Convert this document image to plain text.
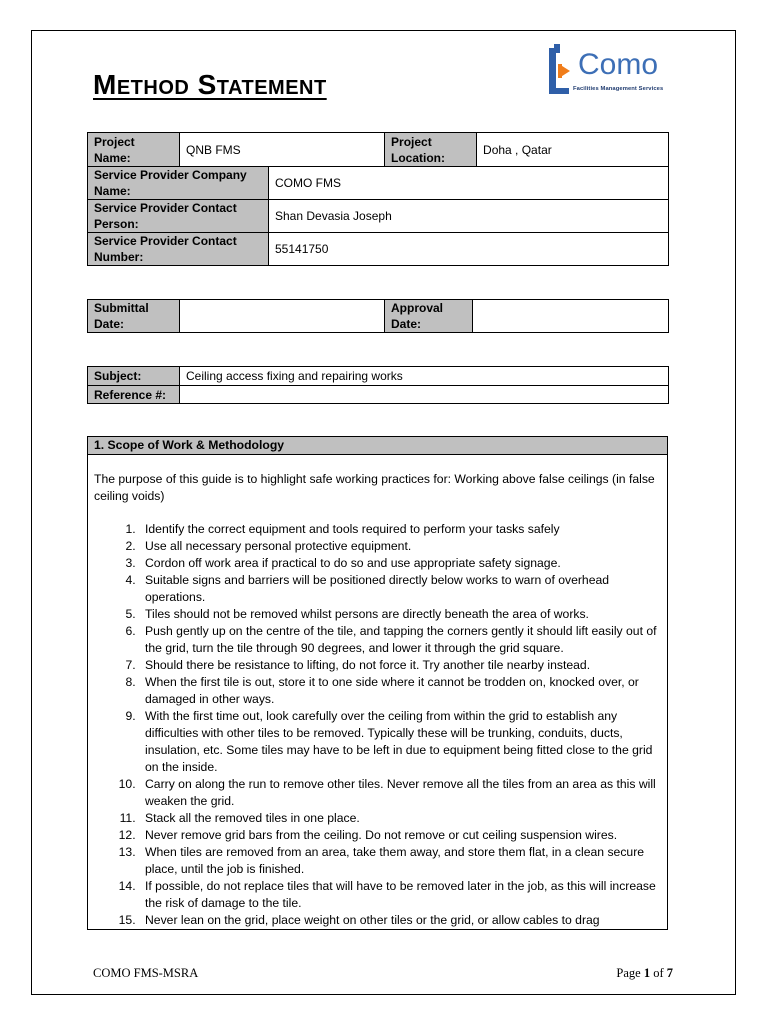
Method Statement
Como
Facilities Management Services
Project Name:	QNB FMS		Project Location:	Doha , Qatar
Service Provider Company Name:		COMO FMS		
Service Provider Contact Person:		Shan Devasia Joseph		
Service Provider Contact Number:		55141750		
Submittal Date:		Approval Date:	
Subject:	Ceiling access fixing and repairing works
Reference #:	
1. Scope of Work & Methodology

The purpose of this guide is to highlight safe working practices for: Working above false ceilings (in false ceiling voids)

1. Identify the correct equipment and tools required to perform your tasks safely
2. Use all necessary personal protective equipment.
3. Cordon off work area if practical to do so and use appropriate safety signage.
4. Suitable signs and barriers will be positioned directly below works to warn of overhead operations.
5. Tiles should not be removed whilst persons are directly beneath the area of works.
6. Push gently up on the centre of the tile, and tapping the corners gently it should lift easily out of the grid, turn the tile through 90 degrees, and lower it through the grid square.
7. Should there be resistance to lifting, do not force it. Try another tile nearby instead.
8. When the first tile is out, store it to one side where it cannot be trodden on, knocked over, or damaged in other ways.
9. With the first time out, look carefully over the ceiling from within the grid to establish any difficulties with other tiles to be removed. Typically these will be trunking, conduits, ducts, insulation, etc. Some tiles may have to be left in due to equipment being fitted close to the grid on the inside.
10. Carry on along the run to remove other tiles. Never remove all the tiles from an area as this will weaken the grid.
11. Stack all the removed tiles in one place.
12. Never remove grid bars from the ceiling. Do not remove or cut ceiling suspension wires.
13. When tiles are removed from an area, take them away, and store them flat, in a clean secure place, until the job is finished.
14. If possible, do not replace tiles that will have to be removed later in the job, as this will increase the risk of damage to the tile.
15. Never lean on the grid, place weight on other tiles or the grid, or allow cables to drag
COMO FMS-MSRA	Page 1 of 7
